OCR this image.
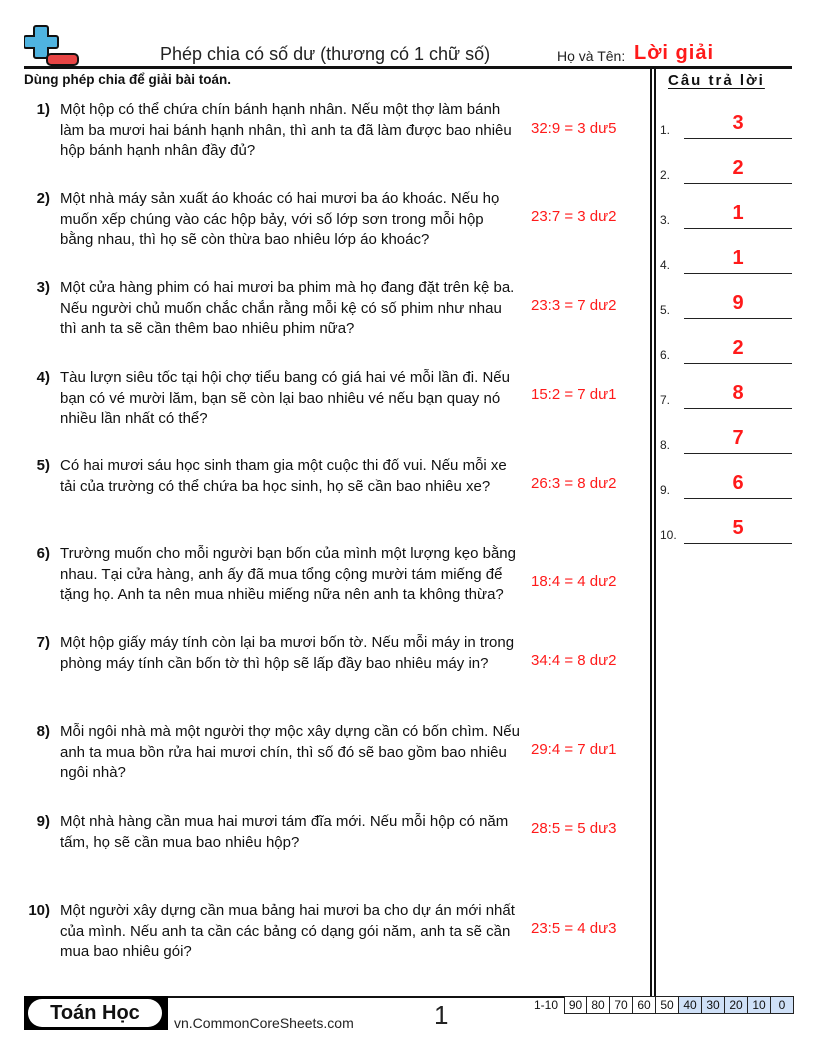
Phép chia có số dư (thương có 1 chữ số)	Họ và Tên: Lời giải
Dùng phép chia để giải bài toán.	Câu trả lời
1) Một hộp có thể chứa chín bánh hạnh nhân. Nếu một thợ làm bánh làm ba mươi hai bánh hạnh nhân, thì anh ta đã làm được bao nhiêu hộp bánh hạnh nhân đầy đủ?
32:9 = 3 dư5
2) Một nhà máy sản xuất áo khoác có hai mươi ba áo khoác. Nếu họ muốn xếp chúng vào các hộp bảy, với số lớp sơn trong mỗi hộp bằng nhau, thì họ sẽ còn thừa bao nhiêu lớp áo khoác?
23:7 = 3 dư2
3) Một cửa hàng phim có hai mươi ba phim mà họ đang đặt trên kệ ba. Nếu người chủ muốn chắc chắn rằng mỗi kệ có số phim như nhau thì anh ta sẽ cần thêm bao nhiêu phim nữa?
23:3 = 7 dư2
4) Tàu lượn siêu tốc tại hội chợ tiểu bang có giá hai vé mỗi lần đi. Nếu bạn có vé mười lăm, bạn sẽ còn lại bao nhiêu vé nếu bạn quay nó nhiều lần nhất có thể?
15:2 = 7 dư1
5) Có hai mươi sáu học sinh tham gia một cuộc thi đố vui. Nếu mỗi xe tải của trường có thể chứa ba học sinh, họ sẽ cần bao nhiêu xe?	26:3 = 8 dư2
6) Trường muốn cho mỗi người bạn bốn của mình một lượng kẹo bằng nhau. Tại cửa hàng, anh ấy đã mua tổng cộng mười tám miếng để tặng họ. Anh ta nên mua nhiều miếng nữa nên anh ta không thừa?
18:4 = 4 dư2
7) Một hộp giấy máy tính còn lại ba mươi bốn tờ. Nếu mỗi máy in trong phòng máy tính cần bốn tờ thì hộp sẽ lấp đầy bao nhiêu máy in?	34:4 = 8 dư2
8) Mỗi ngôi nhà mà một người thợ mộc xây dựng cần có bốn chìm. Nếu anh ta mua bồn rửa hai mươi chín, thì số đó sẽ bao gồm bao nhiêu ngôi nhà?
29:4 = 7 dư1
9) Một nhà hàng cần mua hai mươi tám đĩa mới. Nếu mỗi hộp có năm tấm, họ sẽ cần mua bao nhiêu hộp?
28:5 = 5 dư3
10) Một người xây dựng cần mua bảng hai mươi ba cho dự án mới nhất của mình. Nếu anh ta cần các bảng có dạng gói năm, anh ta sẽ cần mua bao nhiêu gói?
23:5 = 4 dư3
1.	3
2.	2
3.	1
4.	1
5.	9
6.	2
7.	8
8.	7
9.	6
10.	5
Toán Học	vn.CommonCoreSheets.com	1	1-10 90 80 70 60 50 40 30 20 10	0
